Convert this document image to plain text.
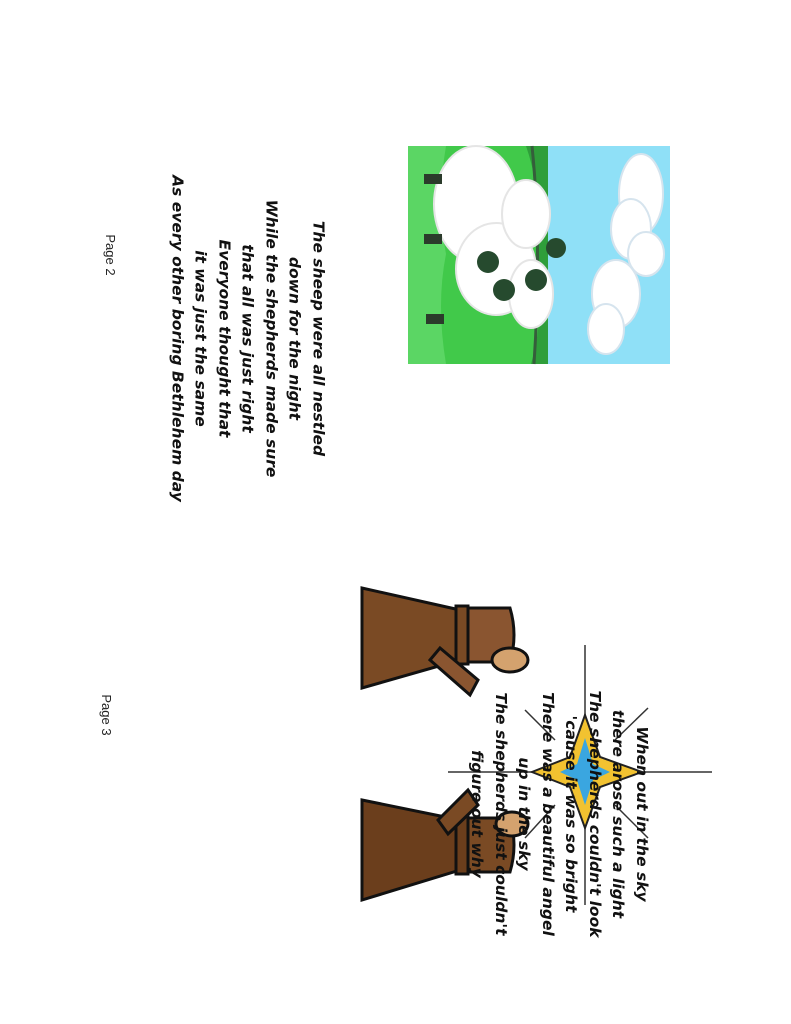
The sheep were all nestled
down for the night
While the shepherds made sure
that all was just right
Everyone thought that
it was just the same
As every other boring Bethlehem day
Page 2
When out in the sky
there arose such a light
The shepherds couldn't look
'cause it was so bright
There was a beautiful angel
up in the sky
The shepherds just couldn't
figure out why
Page 3
